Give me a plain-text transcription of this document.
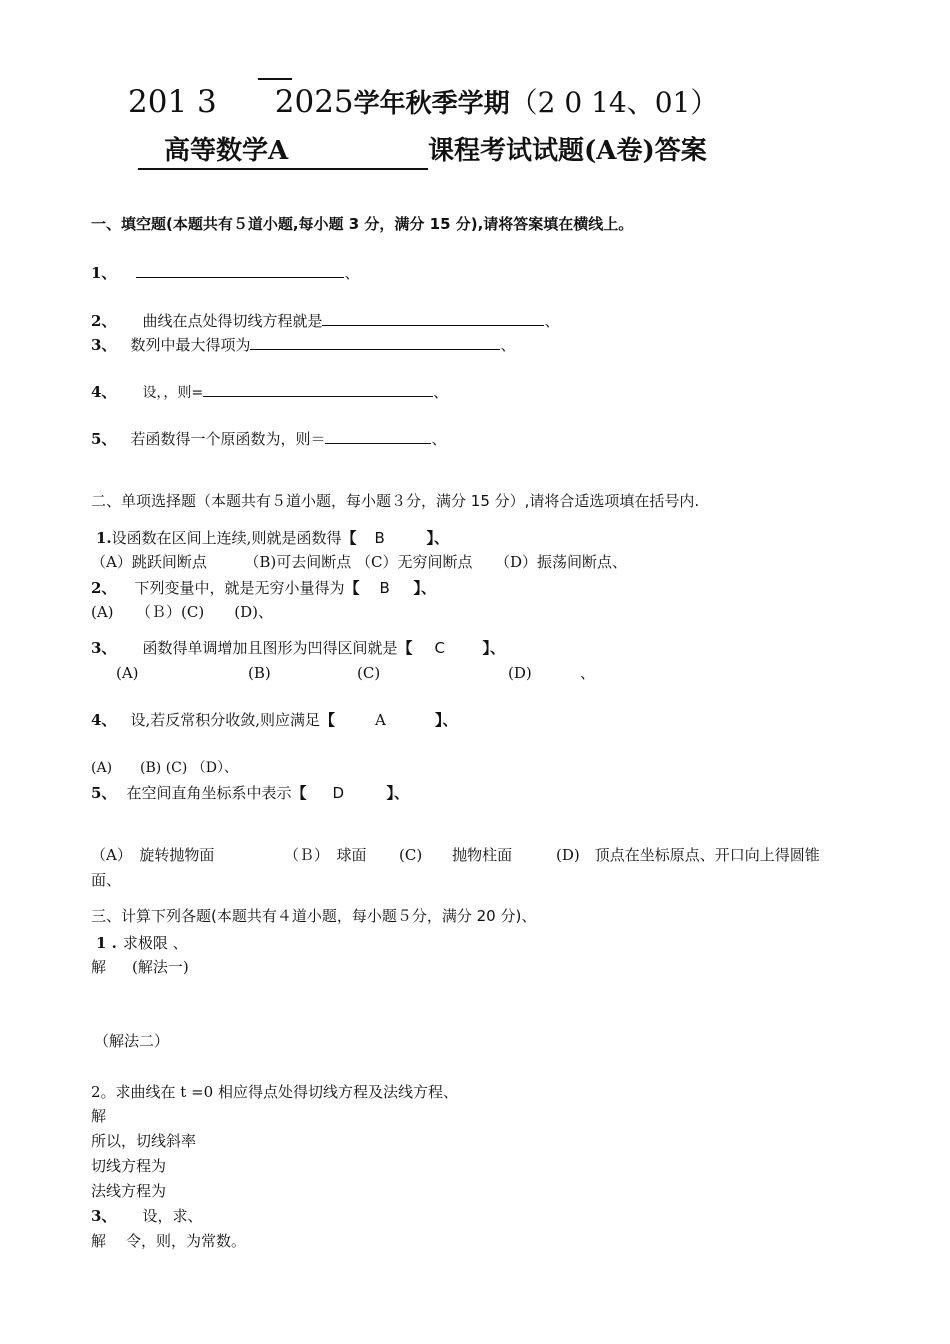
201 3 2025学年秋季学期（2 0 14、01）
高等数学A	课程考试试题(A卷)答案
一、填空题(本题共有５道小题,每小题 3 分，满分 15 分),请将答案填在横线上。
1、	、
2、 曲线在点处得切线方程就是	、
3、 数列中最大得项为	、
4、 设，，则=	、
5、 若函数得一个原函数为，则＝	、
二、单项选择题（本题共有５道小题，每小题３分，满分 15 分）,请将合适选项填在括号内.
1.设函数在区间上连续,则就是函数得【 B	】、
（A）跳跃间断点　　　（B)可去间断点 （C）无穷间断点　　（D）振荡间断点、
2、 下列变量中，就是无穷小量得为【 B 】、
(A)　　（Ｂ）(C)　　(D)、
3、 函数得单调增加且图形为凹得区间就是【 C	】、
(A)	(B)	(C)	(D)	、
4、 设,若反常积分收敛,则应满足【	A	】、
(A)　　(B) (C) （D）、
5、 在空间直角坐标系中表示【 D	】、
（A）　旋转抛物面	（Ｂ）　球面 (C)　　抛物柱面	(D)　顶点在坐标原点、开口向上得圆锥
面、
三、计算下列各题(本题共有４道小题，每小题５分，满分 20 分)、
1 . 求极限 、
解 (解法一)
（解法二）
2。求曲线在 t =0 相应得点处得切线方程及法线方程、
解
所以，切线斜率
切线方程为
法线方程为
3、 设，求、
解 令，则，为常数。
